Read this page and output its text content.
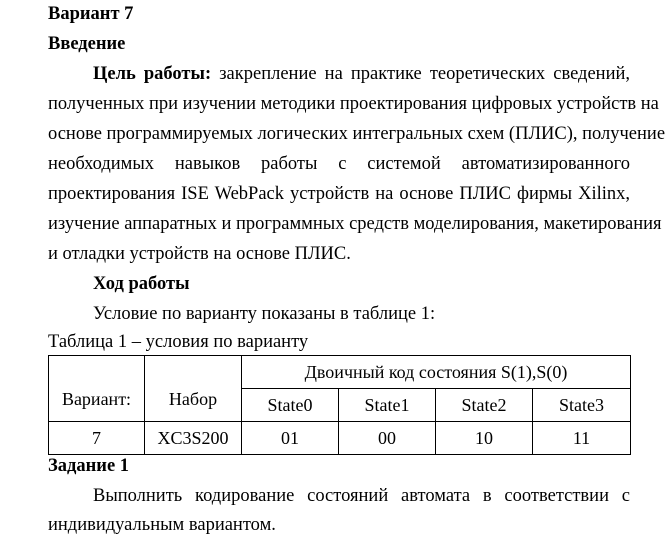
Вариант 7
Введение
Цель работы: закрепление на практике теоретических сведений,
полученных при изучении методики проектирования цифровых устройств на
основе программируемых логических интегральных схем (ПЛИС), получение
необходимых навыков работы с системой автоматизированного
проектирования ISE WebPack устройств на основе ПЛИС фирмы Xilinx,
изучение аппаратных и программных средств моделирования, макетирования
и отладки устройств на основе ПЛИС.
Ход работы
Условие по варианту показаны в таблице 1:
Таблица 1 – условия по варианту
Вариант:	Набор	Двоичный код состояния S(1),S(0)			
		State0	State1	State2	State3
7	XC3S200	01	00	10	11
Задание 1
Выполнить кодирование состояний автомата в соответствии с
индивидуальным вариантом.
